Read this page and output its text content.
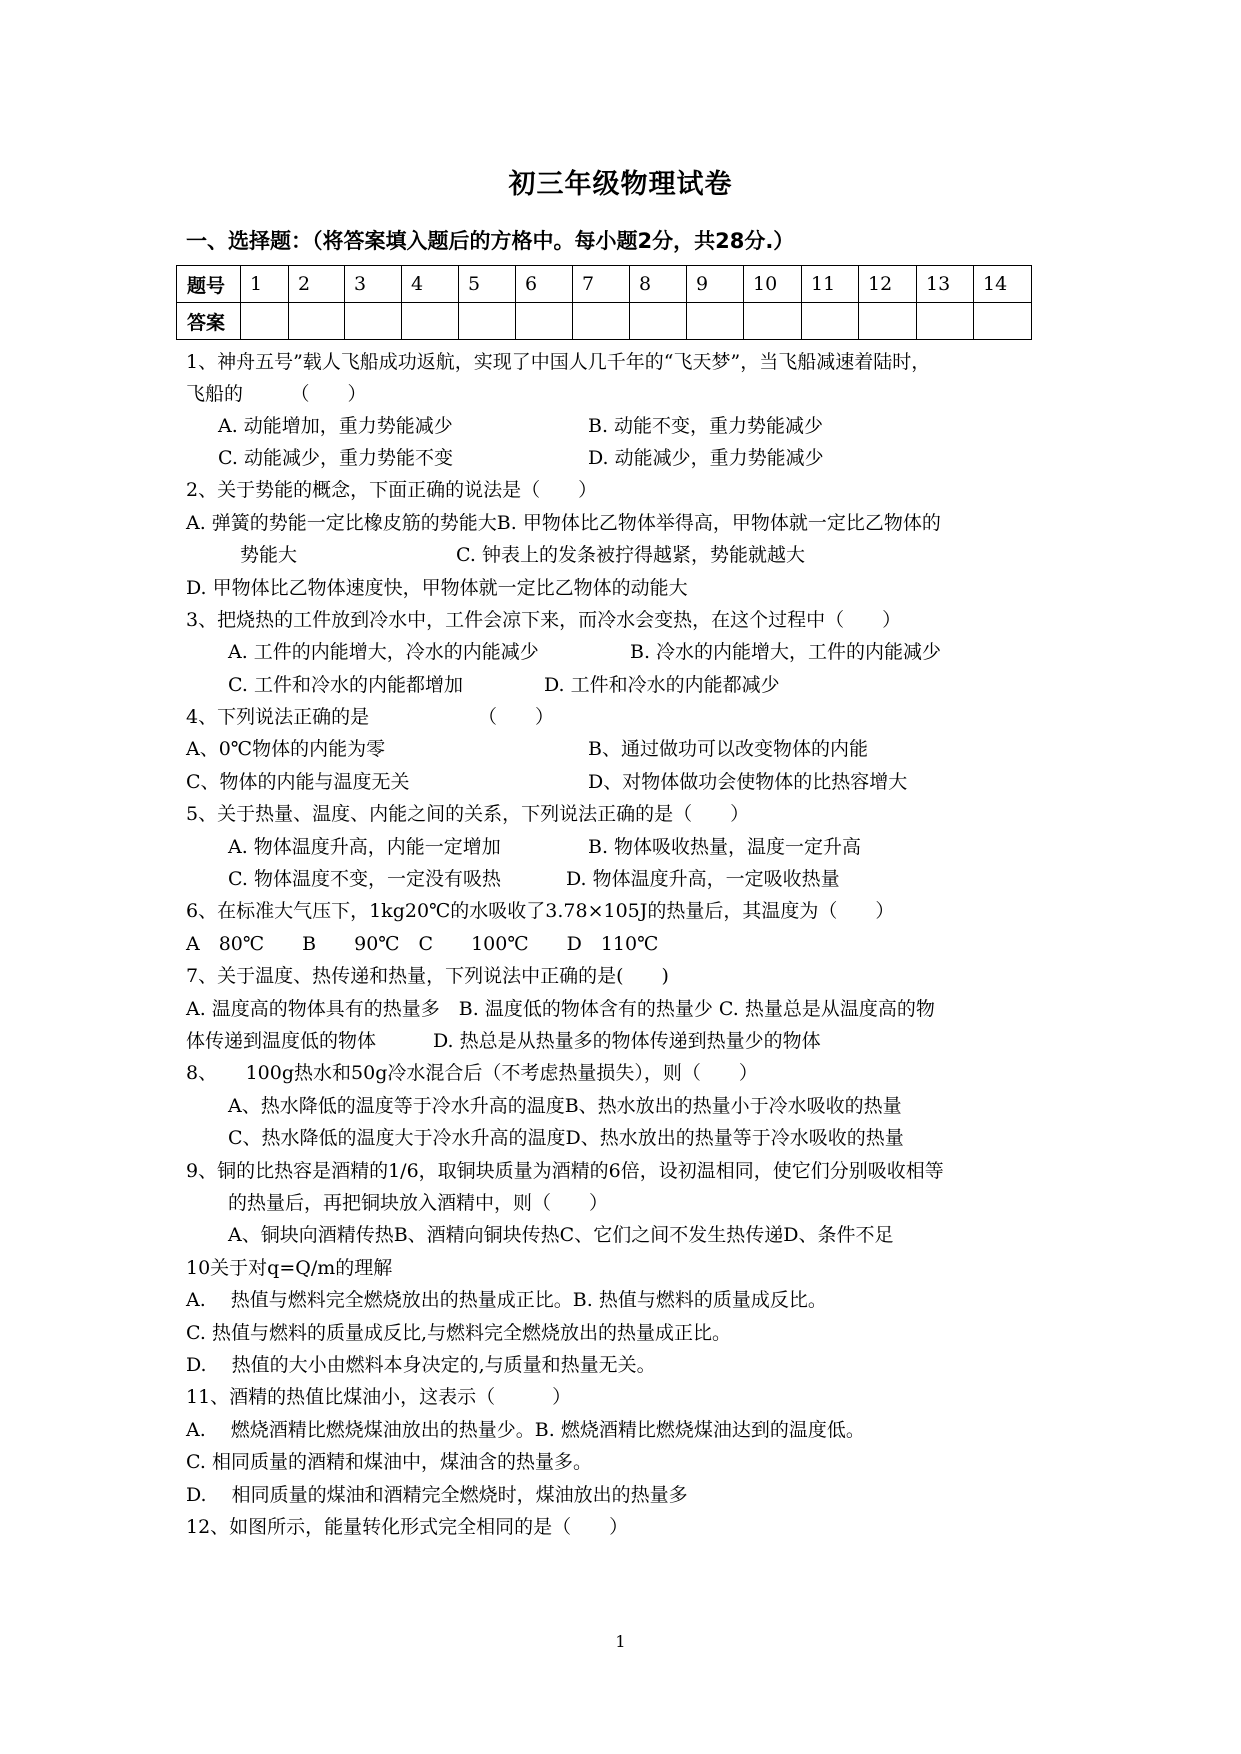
初三年级物理试卷
一、选择题：（将答案填入题后的方格中。每小题2分，共28分.）
题号	1	2	3	4	5	6	7	8	9	10	11	12	13	14
答案														
1、神舟五号”载人飞船成功返航，实现了中国人几千年的“飞天梦”，当飞船减速着陆时，
飞船的　　　（　　）
A. 动能增加，重力势能减少	B. 动能不变，重力势能减少
C. 动能减少，重力势能不变	D. 动能减少，重力势能减少
2、关于势能的概念，下面正确的说法是（　　）
A. 弹簧的势能一定比橡皮筋的势能大B. 甲物体比乙物体举得高，甲物体就一定比乙物体的
势能大	C. 钟表上的发条被拧得越紧，势能就越大
D. 甲物体比乙物体速度快，甲物体就一定比乙物体的动能大
3、把烧热的工件放到冷水中，工件会凉下来，而冷水会变热，在这个过程中（　　）
A. 工件的内能增大，冷水的内能减少	B. 冷水的内能增大，工件的内能减少
C. 工件和冷水的内能都增加	D. 工件和冷水的内能都减少
4、下列说法正确的是	（　　）
A、0℃物体的内能为零	B、通过做功可以改变物体的内能
C、物体的内能与温度无关	D、对物体做功会使物体的比热容增大
5、关于热量、温度、内能之间的关系，下列说法正确的是（　　）
A. 物体温度升高，内能一定增加	B. 物体吸收热量，温度一定升高
C. 物体温度不变，一定没有吸热	D. 物体温度升高，一定吸收热量
6、在标准大气压下，1kg20℃的水吸收了3.78×105J的热量后，其温度为（　　）
A　80℃　　B　　90℃　C　　100℃　　D　110℃
7、关于温度、热传递和热量，下列说法中正确的是(　　)
A. 温度高的物体具有的热量多　B. 温度低的物体含有的热量少 C. 热量总是从温度高的物
体传递到温度低的物体　　　D. 热总是从热量多的物体传递到热量少的物体
8、　　100g热水和50g冷水混合后（不考虑热量损失），则（　　）
A、热水降低的温度等于冷水升高的温度B、热水放出的热量小于冷水吸收的热量
C、热水降低的温度大于冷水升高的温度D、热水放出的热量等于冷水吸收的热量
9、铜的比热容是酒精的1/6，取铜块质量为酒精的6倍，设初温相同，使它们分别吸收相等
的热量后，再把铜块放入酒精中，则（　　）
A、铜块向酒精传热B、酒精向铜块传热C、它们之间不发生热传递D、条件不足
10关于对q=Q/m的理解
A.　 热值与燃料完全燃烧放出的热量成正比。B. 热值与燃料的质量成反比。
C. 热值与燃料的质量成反比,与燃料完全燃烧放出的热量成正比。
D.　 热值的大小由燃料本身决定的,与质量和热量无关。
11、酒精的热值比煤油小，这表示（　　　）
A.　 燃烧酒精比燃烧煤油放出的热量少。B. 燃烧酒精比燃烧煤油达到的温度低。
C. 相同质量的酒精和煤油中，煤油含的热量多。
D.　 相同质量的煤油和酒精完全燃烧时，煤油放出的热量多
12、如图所示，能量转化形式完全相同的是（　　）
1
